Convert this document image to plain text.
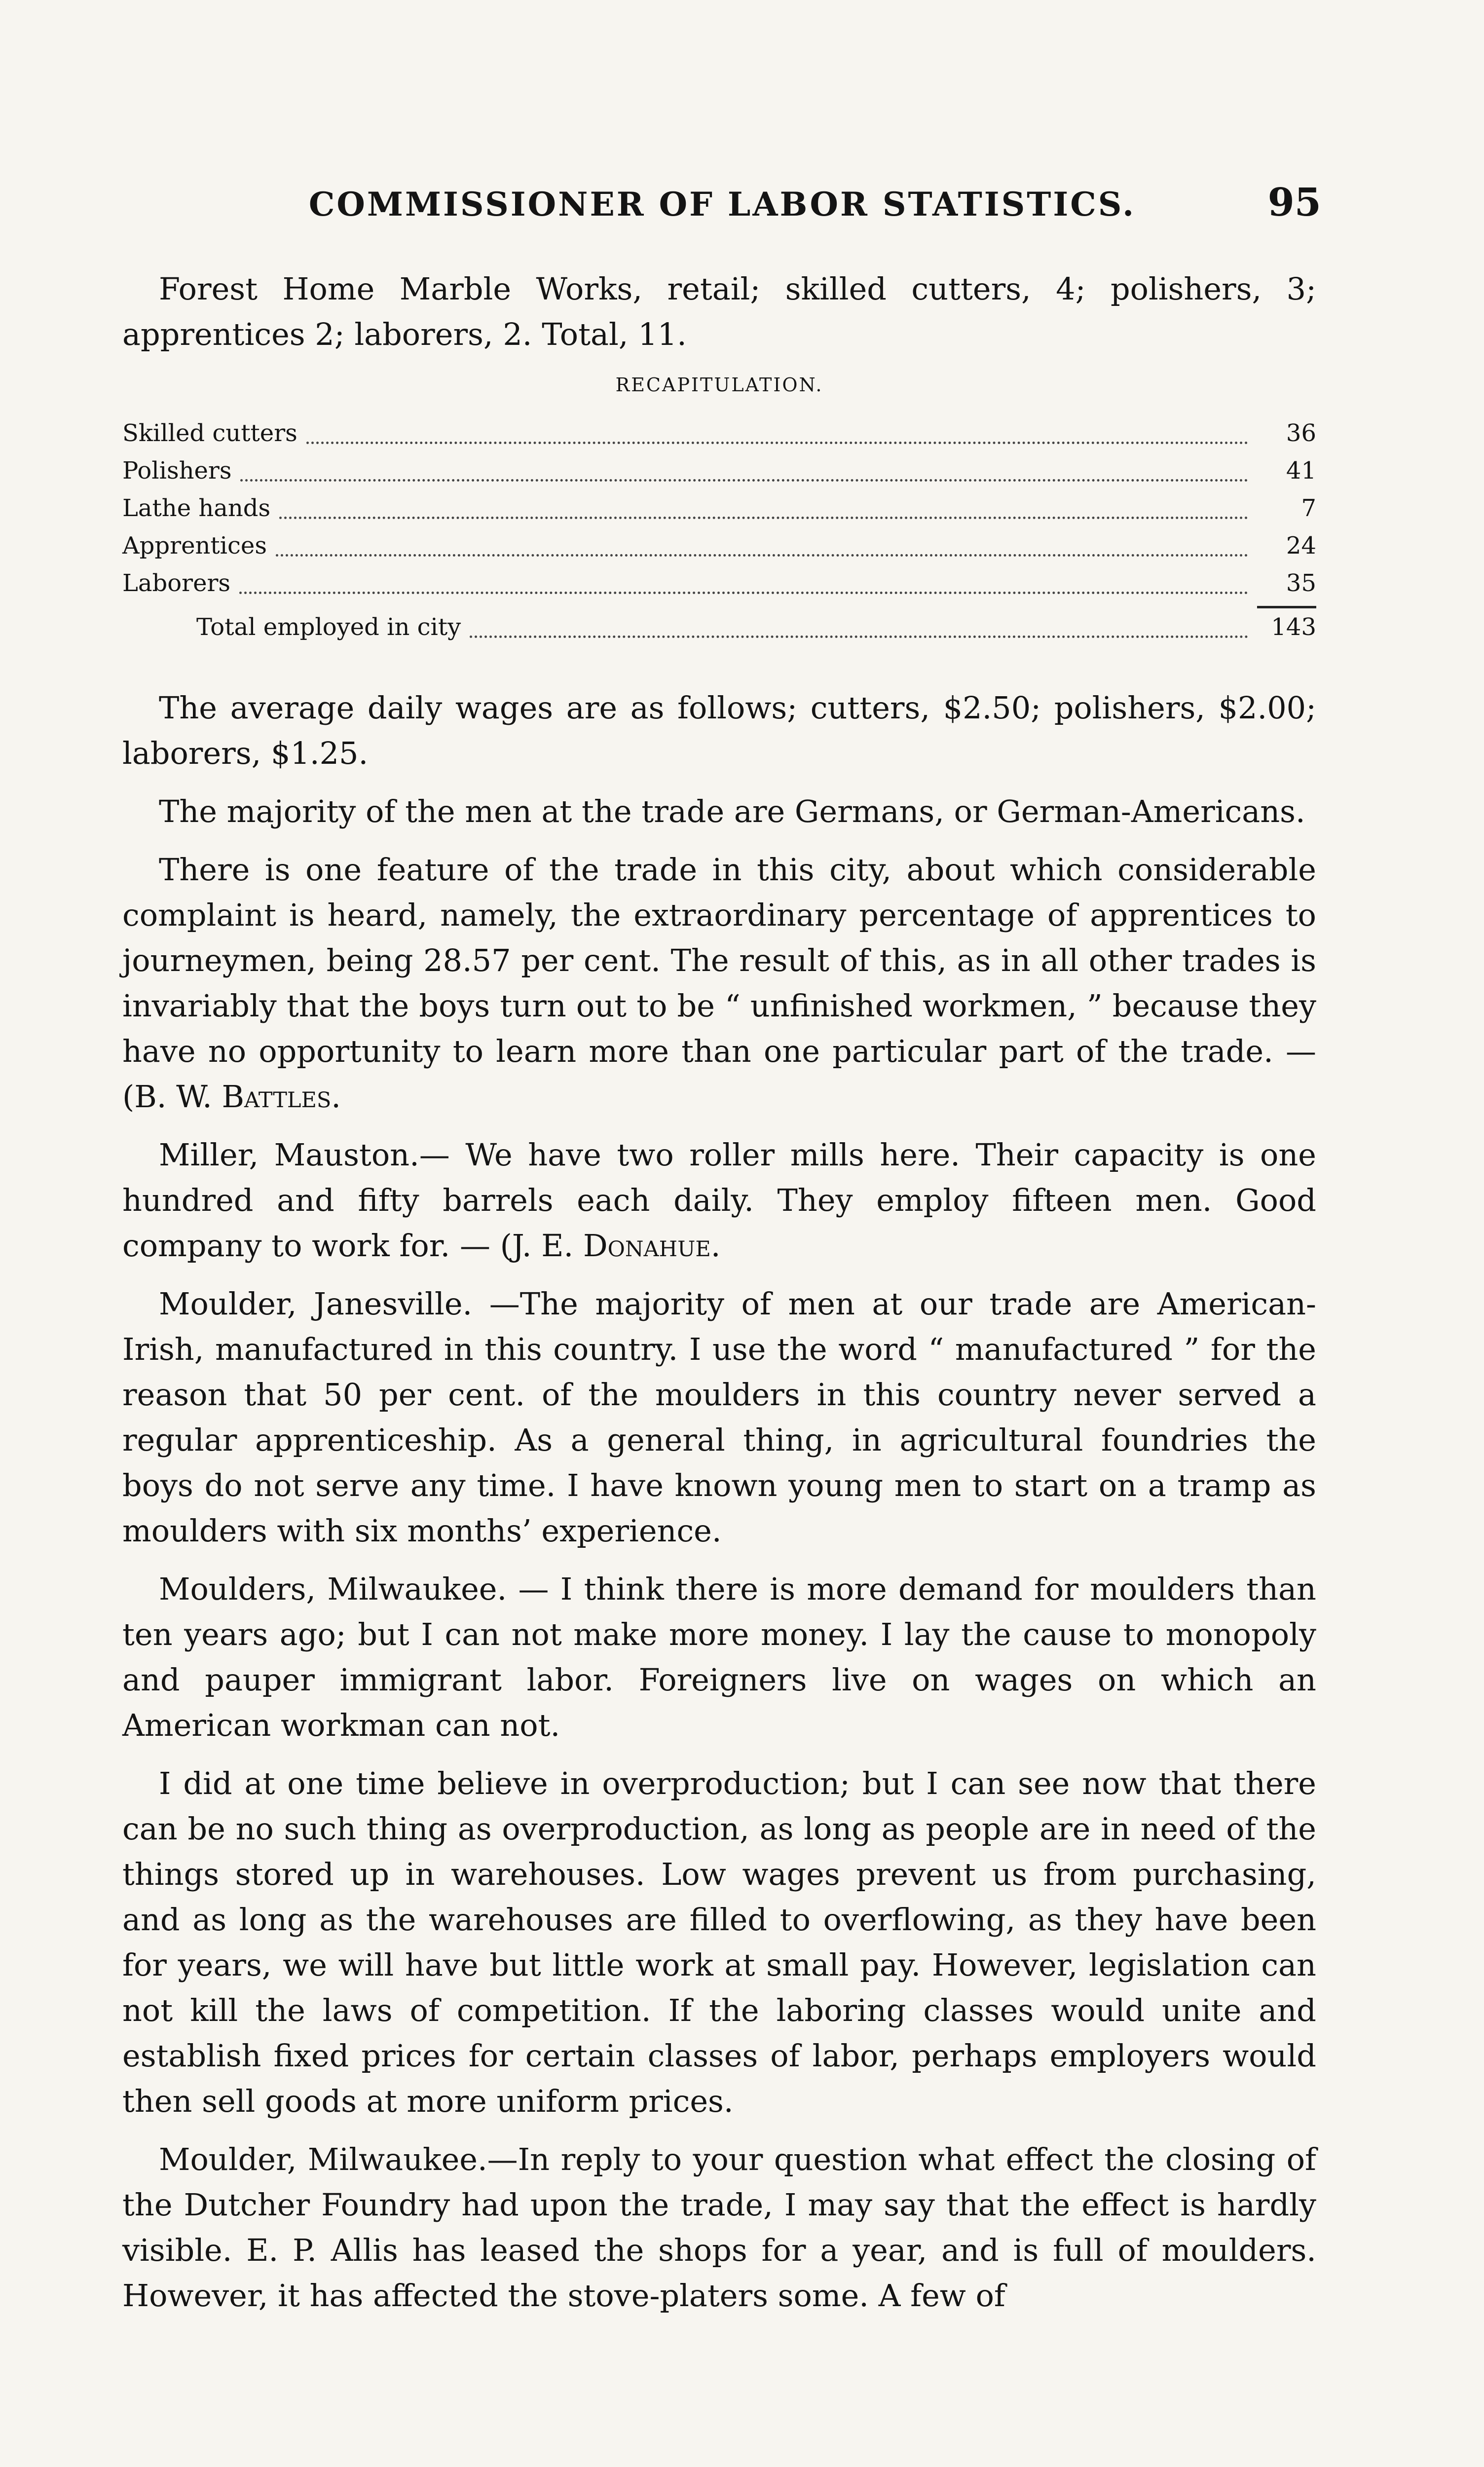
COMMISSIONER OF LABOR STATISTICS.	95

Forest Home Marble Works, retail; skilled cutters, 4; polishers, 3; apprentices 2; laborers, 2. Total, 11.

RECAPITULATION.
Skilled cutters	36
Polishers	41
Lathe hands	7
Apprentices	24
Laborers	35
Total employed in city	143

The average daily wages are as follows; cutters, $2.50; polishers, $2.00; laborers, $1.25.

The majority of the men at the trade are Germans, or German-Americans.

There is one feature of the trade in this city, about which considerable complaint is heard, namely, the extraordinary percentage of apprentices to journeymen, being 28.57 per cent. The result of this, as in all other trades is invariably that the boys turn out to be “ unfinished workmen, ” because they have no opportunity to learn more than one particular part of the trade. —(B. W. Battles.

Miller, Mauston.— We have two roller mills here. Their capacity is one hundred and fifty barrels each daily. They employ fifteen men. Good company to work for. — (J. E. Donahue.

Moulder, Janesville. —The majority of men at our trade are American-Irish, manufactured in this country. I use the word “ manufactured ” for the reason that 50 per cent. of the moulders in this country never served a regular apprenticeship. As a general thing, in agricultural foundries the boys do not serve any time. I have known young men to start on a tramp as moulders with six months’ experience.

Moulders, Milwaukee. — I think there is more demand for moulders than ten years ago; but I can not make more money. I lay the cause to monopoly and pauper immigrant labor. Foreigners live on wages on which an American workman can not.

I did at one time believe in overproduction; but I can see now that there can be no such thing as overproduction, as long as people are in need of the things stored up in warehouses. Low wages prevent us from purchasing, and as long as the warehouses are filled to overflowing, as they have been for years, we will have but little work at small pay. However, legislation can not kill the laws of competition. If the laboring classes would unite and establish fixed prices for certain classes of labor, perhaps employers would then sell goods at more uniform prices.

Moulder, Milwaukee.—In reply to your question what effect the closing of the Dutcher Foundry had upon the trade, I may say that the effect is hardly visible. E. P. Allis has leased the shops for a year, and is full of moulders. However, it has affected the stove-platers some. A few of
